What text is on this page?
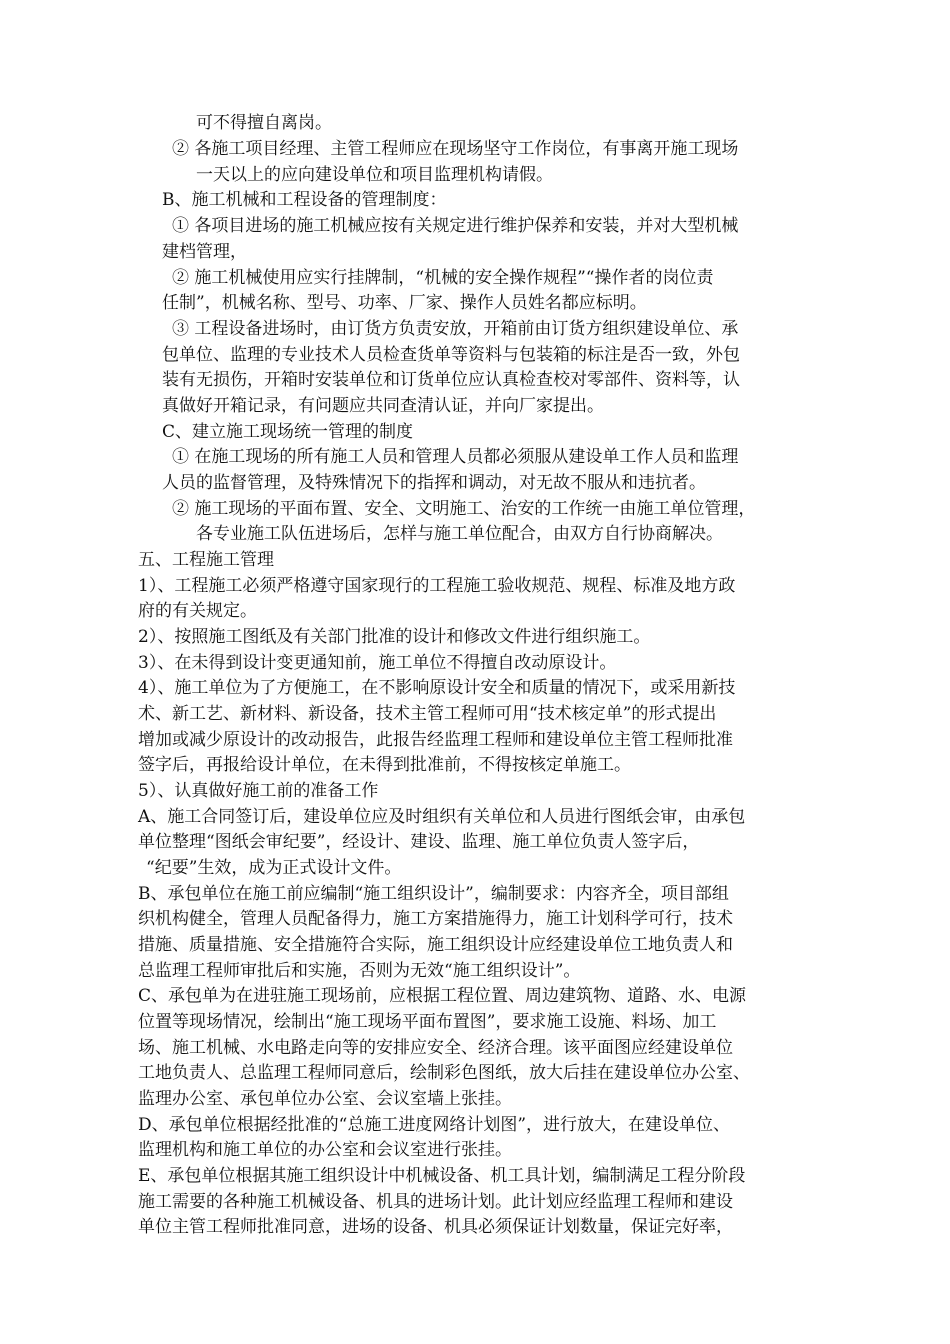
可不得擅自离岗。
② 各施工项目经理、主管工程师应在现场坚守工作岗位，有事离开施工现场
一天以上的应向建设单位和项目监理机构请假。
B、施工机械和工程设备的管理制度：
① 各项目进场的施工机械应按有关规定进行维护保养和安装，并对大型机械
建档管理，
② 施工机械使用应实行挂牌制，“机械的安全操作规程”“操作者的岗位责
任制”，机械名称、型号、功率、厂家、操作人员姓名都应标明。
③ 工程设备进场时，由订货方负责安放，开箱前由订货方组织建设单位、承
包单位、监理的专业技术人员检查货单等资料与包装箱的标注是否一致，外包
装有无损伤，开箱时安装单位和订货单位应认真检查校对零部件、资料等，认
真做好开箱记录，有问题应共同查清认证，并向厂家提出。
C、建立施工现场统一管理的制度
① 在施工现场的所有施工人员和管理人员都必须服从建设单工作人员和监理
人员的监督管理，及特殊情况下的指挥和调动，对无故不服从和违抗者。
② 施工现场的平面布置、安全、文明施工、治安的工作统一由施工单位管理，
各专业施工队伍进场后，怎样与施工单位配合，由双方自行协商解决。
五、工程施工管理
1）、工程施工必须严格遵守国家现行的工程施工验收规范、规程、标准及地方政
府的有关规定。
2）、按照施工图纸及有关部门批准的设计和修改文件进行组织施工。
3）、在未得到设计变更通知前，施工单位不得擅自改动原设计。
4）、施工单位为了方便施工，在不影响原设计安全和质量的情况下，或采用新技
术、新工艺、新材料、新设备，技术主管工程师可用“技术核定单”的形式提出
增加或减少原设计的改动报告，此报告经监理工程师和建设单位主管工程师批准
签字后，再报给设计单位，在未得到批准前，不得按核定单施工。
5）、认真做好施工前的准备工作
A、施工合同签订后，建设单位应及时组织有关单位和人员进行图纸会审，由承包
单位整理“图纸会审纪要”，经设计、建设、监理、施工单位负责人签字后，
“纪要”生效，成为正式设计文件。
B、承包单位在施工前应编制“施工组织设计”，编制要求：内容齐全，项目部组
织机构健全，管理人员配备得力，施工方案措施得力，施工计划科学可行，技术
措施、质量措施、安全措施符合实际，施工组织设计应经建设单位工地负责人和
总监理工程师审批后和实施，否则为无效“施工组织设计”。
C、承包单为在进驻施工现场前，应根据工程位置、周边建筑物、道路、水、电源
位置等现场情况，绘制出“施工现场平面布置图”，要求施工设施、料场、加工
场、施工机械、水电路走向等的安排应安全、经济合理。该平面图应经建设单位
工地负责人、总监理工程师同意后，绘制彩色图纸，放大后挂在建设单位办公室、
监理办公室、承包单位办公室、会议室墙上张挂。
D、承包单位根据经批准的“总施工进度网络计划图”，进行放大，在建设单位、
监理机构和施工单位的办公室和会议室进行张挂。
E、承包单位根据其施工组织设计中机械设备、机工具计划，编制满足工程分阶段
施工需要的各种施工机械设备、机具的进场计划。此计划应经监理工程师和建设
单位主管工程师批准同意，进场的设备、机具必须保证计划数量，保证完好率，
